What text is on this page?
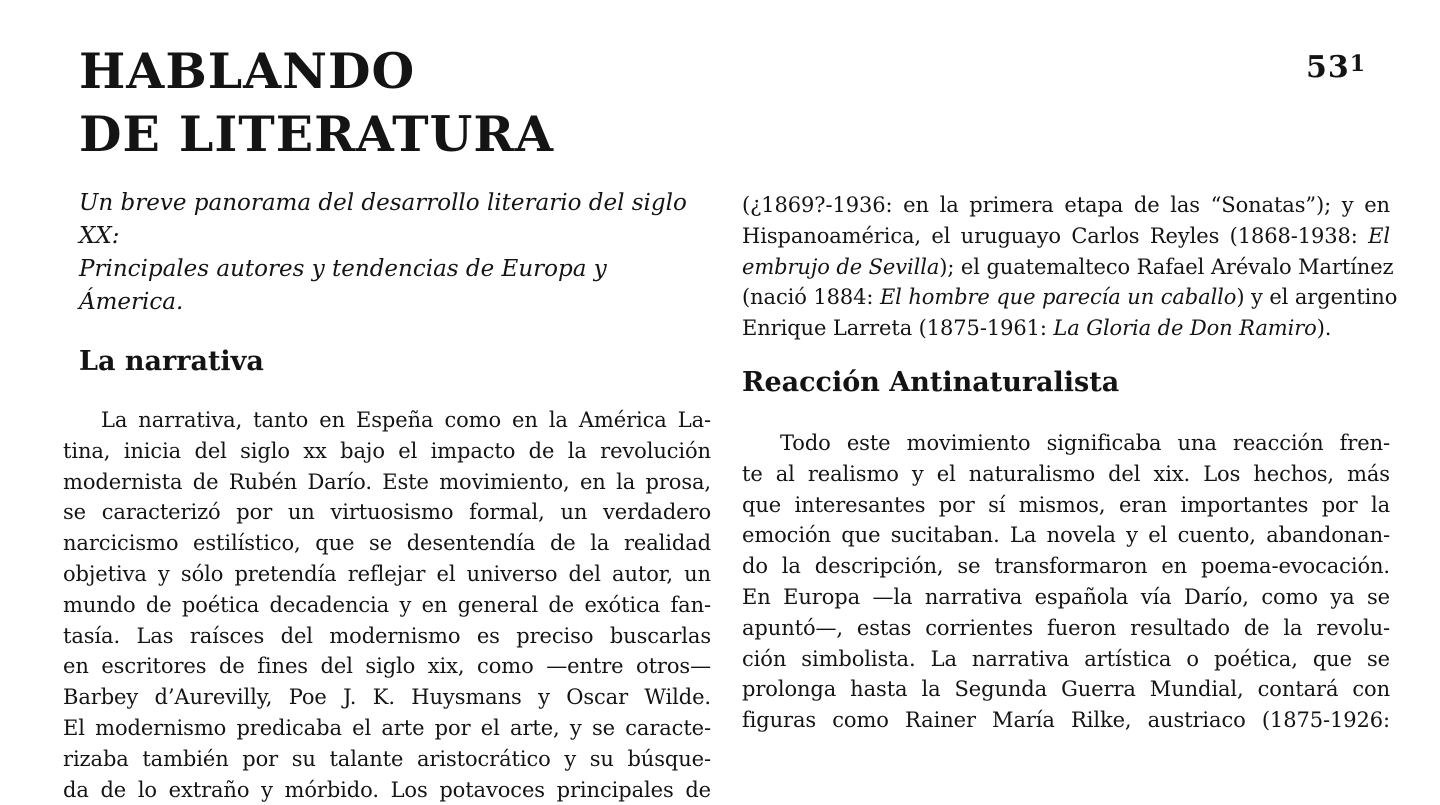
$53^1$
HABLANDO
DE LITERATURA
Un breve panorama del desarrollo literario del siglo XX:
Principales autores y tendencias de Europa y Ámerica.
La narrativa
La narrativa, tanto en Espeña como en la América La-
tina, inicia del siglo xx bajo el impacto de la revolución
modernista de Rubén Darío. Este movimiento, en la prosa,
se caracterizó por un virtuosismo formal, un verdadero
narcicismo estilístico, que se desentendía de la realidad
objetiva y sólo pretendía reflejar el universo del autor, un
mundo de poética decadencia y en general de exótica fan-
tasía. Las raísces del modernismo es preciso buscarlas
en escritores de fines del siglo xix, como —entre otros—
Barbey d’Aurevilly, Poe J. K. Huysmans y Oscar Wilde.
El modernismo predicaba el arte por el arte, y se caracte-
rizaba también por su talante aristocrático y su búsque-
da de lo extraño y mórbido. Los potavoces principales de
(¿1869?-1936: en la primera etapa de las “Sonatas”); y en
Hispanoamérica, el uruguayo Carlos Reyles (1868-1938: El
embrujo de Sevilla); el guatemalteco Rafael Arévalo Martínez
(nació 1884: El hombre que parecía un caballo) y el argentino
Enrique Larreta (1875-1961: La Gloria de Don Ramiro).
Reacción Antinaturalista
Todo este movimiento significaba una reacción fren-
te al realismo y el naturalismo del xix. Los hechos, más
que interesantes por sí mismos, eran importantes por la
emoción que sucitaban. La novela y el cuento, abandonan-
do la descripción, se transformaron en poema-evocación.
En Europa —la narrativa española vía Darío, como ya se
apuntó—, estas corrientes fueron resultado de la revolu-
ción simbolista. La narrativa artística o poética, que se
prolonga hasta la Segunda Guerra Mundial, contará con
figuras como Rainer María Rilke, austriaco (1875-1926:
